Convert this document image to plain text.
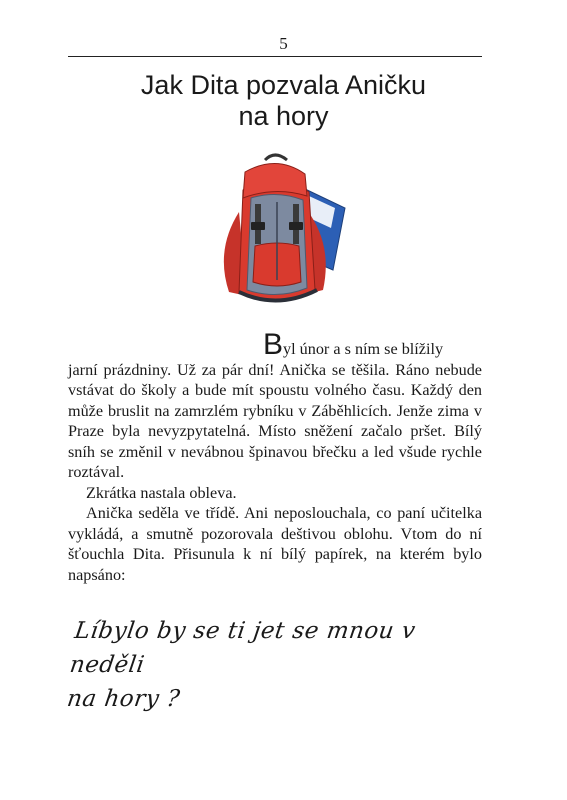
5
Jak Dita pozvala Aničku
na hory

Byl únor a s ním se blížily
jarní prázdniny. Už za pár dní! Anička se těšila. Ráno nebude vstávat do školy a bude mít spoustu volného času. Každý den může bruslit na zamrzlém rybníku v Záběhlicích. Jenže zima v Praze byla nevyzpytatelná. Místo sněžení začalo pršet. Bílý sníh se změnil v nevábnou špinavou břečku a led všude rychle roztával.

Zkrátka nastala obleva.

Anička seděla ve třídě. Ani neposlouchala, co paní učitelka vykládá, a smutně pozorovala deštivou oblohu. Vtom do ní šťouchla Dita. Přisunula k ní bílý papírek, na kterém bylo napsáno:

Líbylo by se ti jet se mnou v neděli
na hory ?
